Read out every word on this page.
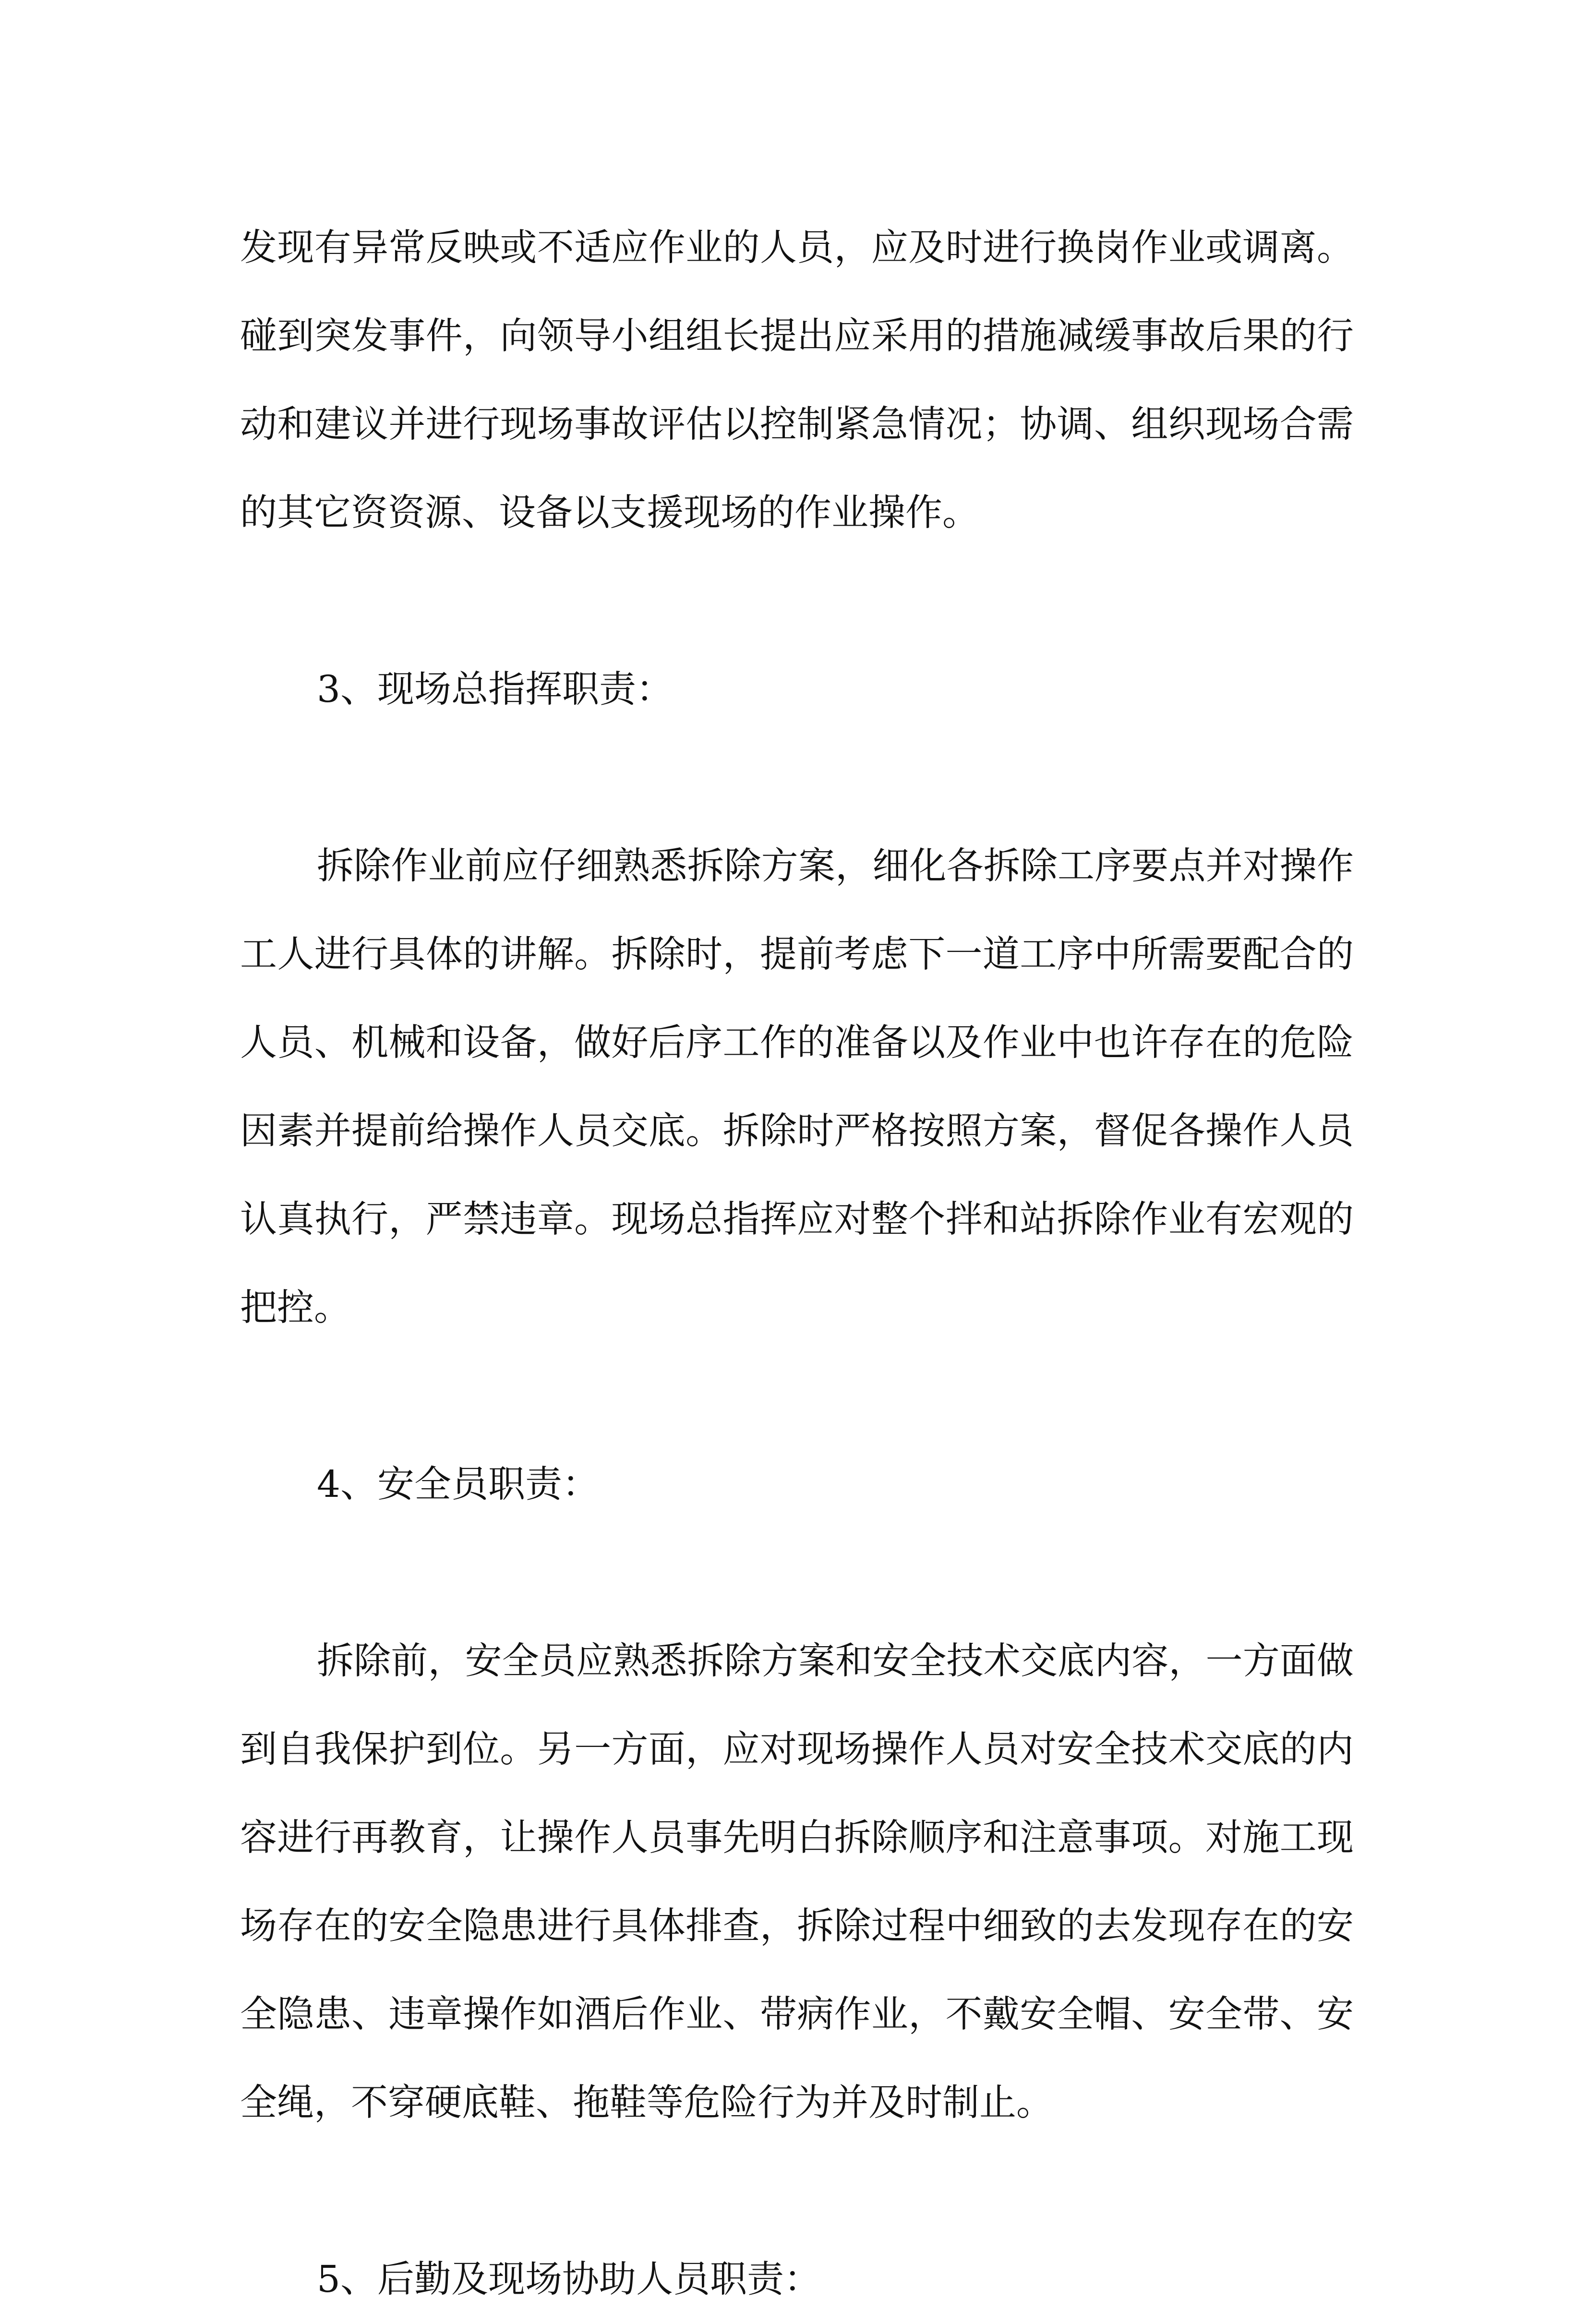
发现有异常反映或不适应作业的人员，应及时进行换岗作业或调离。碰到突发事件，向领导小组组长提出应采用的措施减缓事故后果的行动和建议并进行现场事故评估以控制紧急情况；协调、组织现场合需的其它资资源、设备以支援现场的作业操作。

3、现场总指挥职责：

拆除作业前应仔细熟悉拆除方案，细化各拆除工序要点并对操作工人进行具体的讲解。拆除时，提前考虑下一道工序中所需要配合的人员、机械和设备，做好后序工作的准备以及作业中也许存在的危险因素并提前给操作人员交底。拆除时严格按照方案，督促各操作人员认真执行，严禁违章。现场总指挥应对整个拌和站拆除作业有宏观的把控。

4、安全员职责：

拆除前，安全员应熟悉拆除方案和安全技术交底内容，一方面做到自我保护到位。另一方面，应对现场操作人员对安全技术交底的内容进行再教育，让操作人员事先明白拆除顺序和注意事项。对施工现场存在的安全隐患进行具体排查，拆除过程中细致的去发现存在的安全隐患、违章操作如酒后作业、带病作业，不戴安全帽、安全带、安全绳，不穿硬底鞋、拖鞋等危险行为并及时制止。

5、后勤及现场协助人员职责：
